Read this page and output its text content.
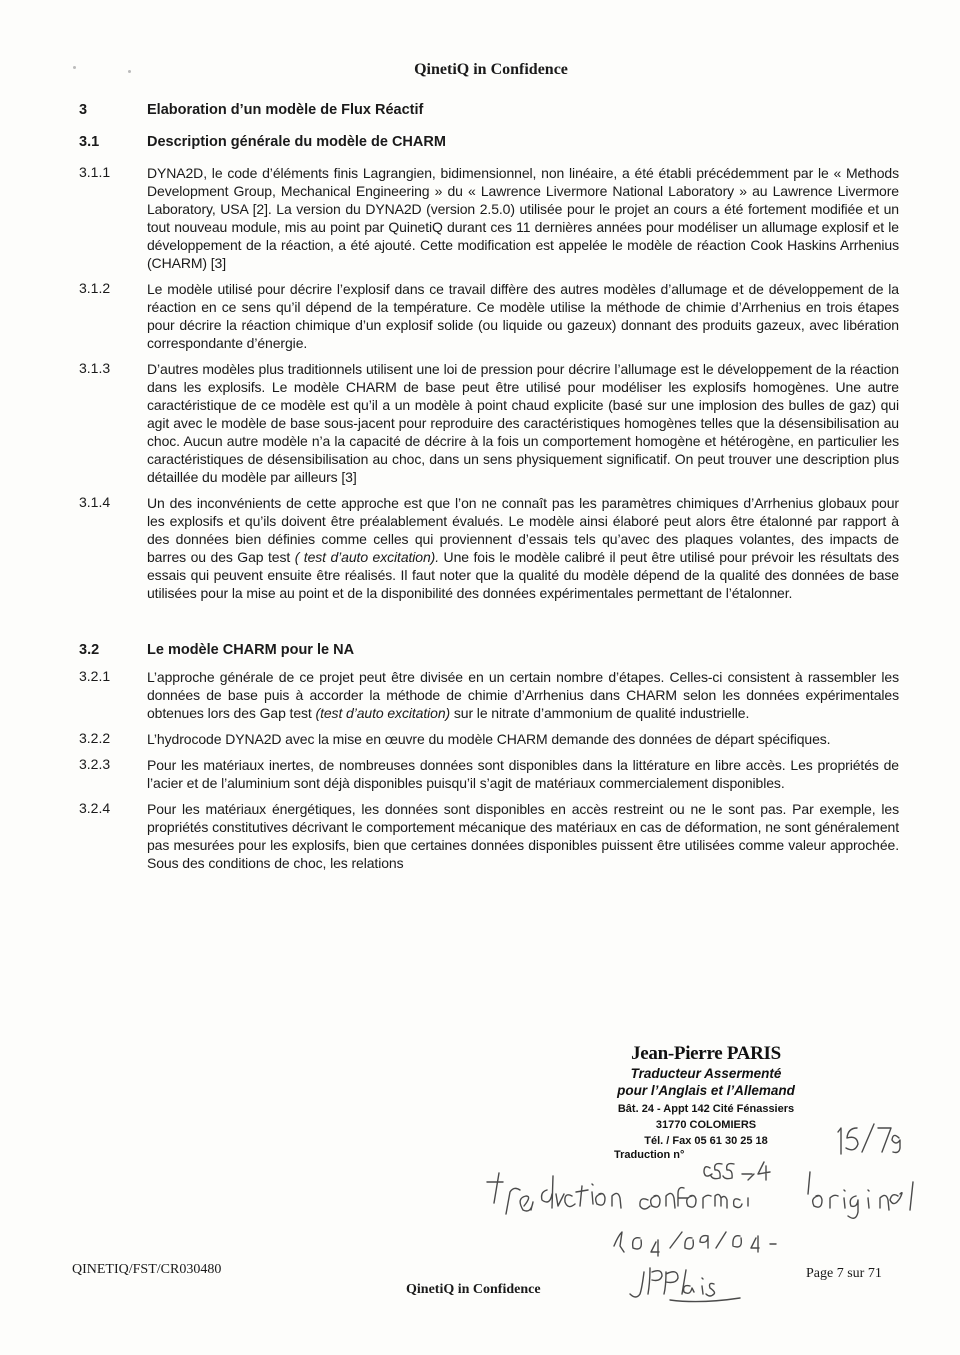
QinetiQ in Confidence
3	Elaboration d’un modèle de Flux Réactif
3.1	Description générale du modèle de CHARM
3.1.1	DYNA2D, le code d’éléments finis Lagrangien, bidimensionnel, non linéaire, a été établi précédemment par le « Methods Development Group, Mechanical Engineering » du « Lawrence Livermore National Laboratory » au Lawrence Livermore Laboratory, USA [2]. La version du DYNA2D (version 2.5.0) utilisée pour le projet an cours a été fortement modifiée et un tout nouveau module, mis au point par QuinetiQ durant ces 11 dernières années pour modéliser un allumage explosif et le développement de la réaction, a été ajouté. Cette modification est appelée le modèle de réaction Cook Haskins Arrhenius (CHARM) [3]
3.1.2	Le modèle utilisé pour décrire l’explosif dans ce travail diffère des autres modèles d’allumage et de développement de la réaction en ce sens qu’il dépend de la température. Ce modèle utilise la méthode de chimie d’Arrhenius en trois étapes pour décrire la réaction chimique d’un explosif solide (ou liquide ou gazeux) donnant des produits gazeux, avec libération correspondante d’énergie.
3.1.3	D’autres modèles plus traditionnels utilisent une loi de pression pour décrire l’allumage est le développement de la réaction dans les explosifs. Le modèle CHARM de base peut être utilisé pour modéliser les explosifs homogènes. Une autre caractéristique de ce modèle est qu’il a un modèle à point chaud explicite (basé sur une implosion des bulles de gaz) qui agit avec le modèle de base sous-jacent pour reproduire des caractéristiques homogènes telles que la désensibilisation au choc. Aucun autre modèle n’a la capacité de décrire à la fois un comportement homogène et hétérogène, en particulier les caractéristiques de désensibilisation au choc, dans un sens physiquement significatif. On peut trouver une description plus détaillée du modèle par ailleurs [3]
3.1.4	Un des inconvénients de cette approche est que l’on ne connaît pas les paramètres chimiques d’Arrhenius globaux pour les explosifs et qu’ils doivent être préalablement évalués. Le modèle ainsi élaboré peut alors être étalonné par rapport à des données bien définies comme celles qui proviennent d’essais tels qu’avec des plaques volantes, des impacts de barres ou des Gap test ( test d’auto excitation). Une fois le modèle calibré il peut être utilisé pour prévoir les résultats des essais qui peuvent ensuite être réalisés. Il faut noter que la qualité du modèle dépend de la qualité des données de base utilisées pour la mise au point et de la disponibilité des données expérimentales permettant de l’étalonner.
3.2	Le modèle CHARM pour le NA
3.2.1	L’approche générale de ce projet peut être divisée en un certain nombre d’étapes. Celles-ci consistent à rassembler les données de base puis à accorder la méthode de chimie d’Arrhenius dans CHARM selon les données expérimentales obtenues lors des Gap test (test d’auto excitation) sur le nitrate d’ammonium de qualité industrielle.
3.2.2	L’hydrocode DYNA2D avec la mise en œuvre du modèle CHARM demande des données de départ spécifiques.
3.2.3	Pour les matériaux inertes, de nombreuses données sont disponibles dans la littérature en libre accès. Les propriétés de l’acier et de l’aluminium sont déjà disponibles puisqu’il s’agit de matériaux commercialement disponibles.
3.2.4	Pour les matériaux énergétiques, les données sont disponibles en accès restreint ou ne le sont pas. Par exemple, les propriétés constitutives décrivant le comportement mécanique des matériaux en cas de déformation, ne sont généralement pas mesurées pour les explosifs, bien que certaines données disponibles puissent être utilisées comme valeur approchée. Sous des conditions de choc, les relations
Jean-Pierre PARIS
Traducteur Assermenté
pour l’Anglais et l’Allemand
Bât. 24 - Appt 142 Cité Fénassiers
31770 COLOMIERS
Tél. / Fax 05 61 30 25 18
Traduction n°
255-4
QINETIQ/FST/CR030480
QinetiQ in Confidence
Page 7 sur 71
